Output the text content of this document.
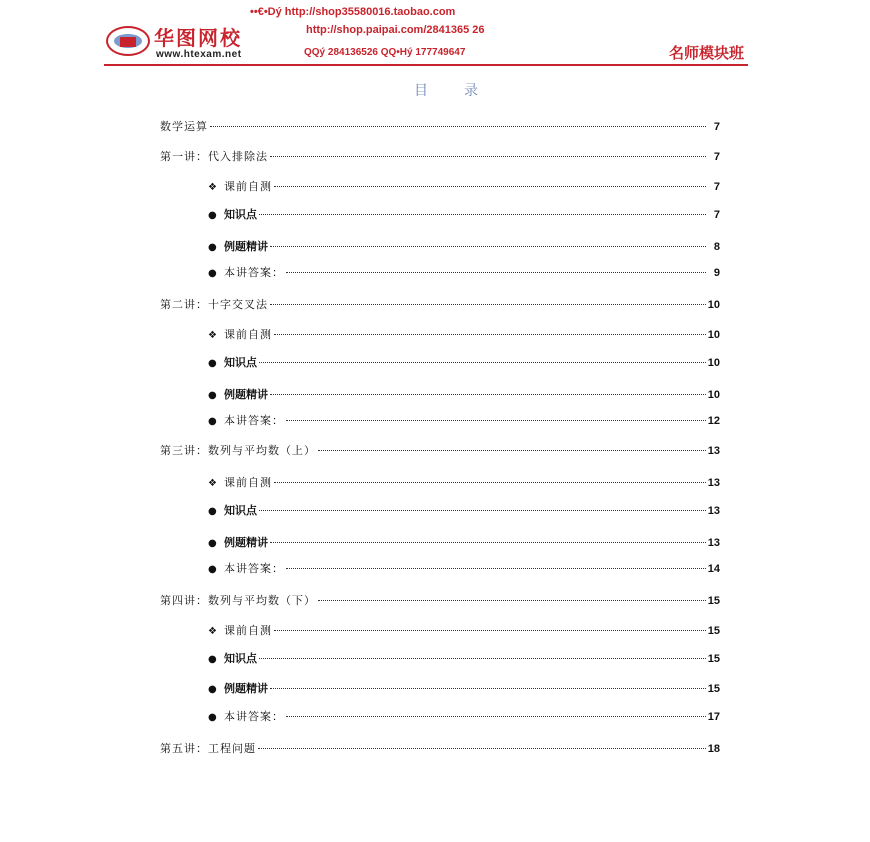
华图网校
www.htexam.net
••€•Dý http://shop35580016.taobao.com
http://shop.paipai.com/2841365 26
QQý 284136526 QQ•Hý 177749647	名师模块班
目录
数学运算	7
第一讲：代入排除法	7
❖ 课前自测	7
● 知识点	7
● 例题精讲	8
● 本讲答案：	9
第二讲：十字交叉法	10
❖ 课前自测	10
● 知识点	10
● 例题精讲	10
● 本讲答案：	12
第三讲：数列与平均数（上）	13
❖ 课前自测	13
● 知识点	13
● 例题精讲	13
● 本讲答案：	14
第四讲：数列与平均数（下）	15
❖ 课前自测	15
● 知识点	15
● 例题精讲	15
● 本讲答案：	17
第五讲：工程问题	18
